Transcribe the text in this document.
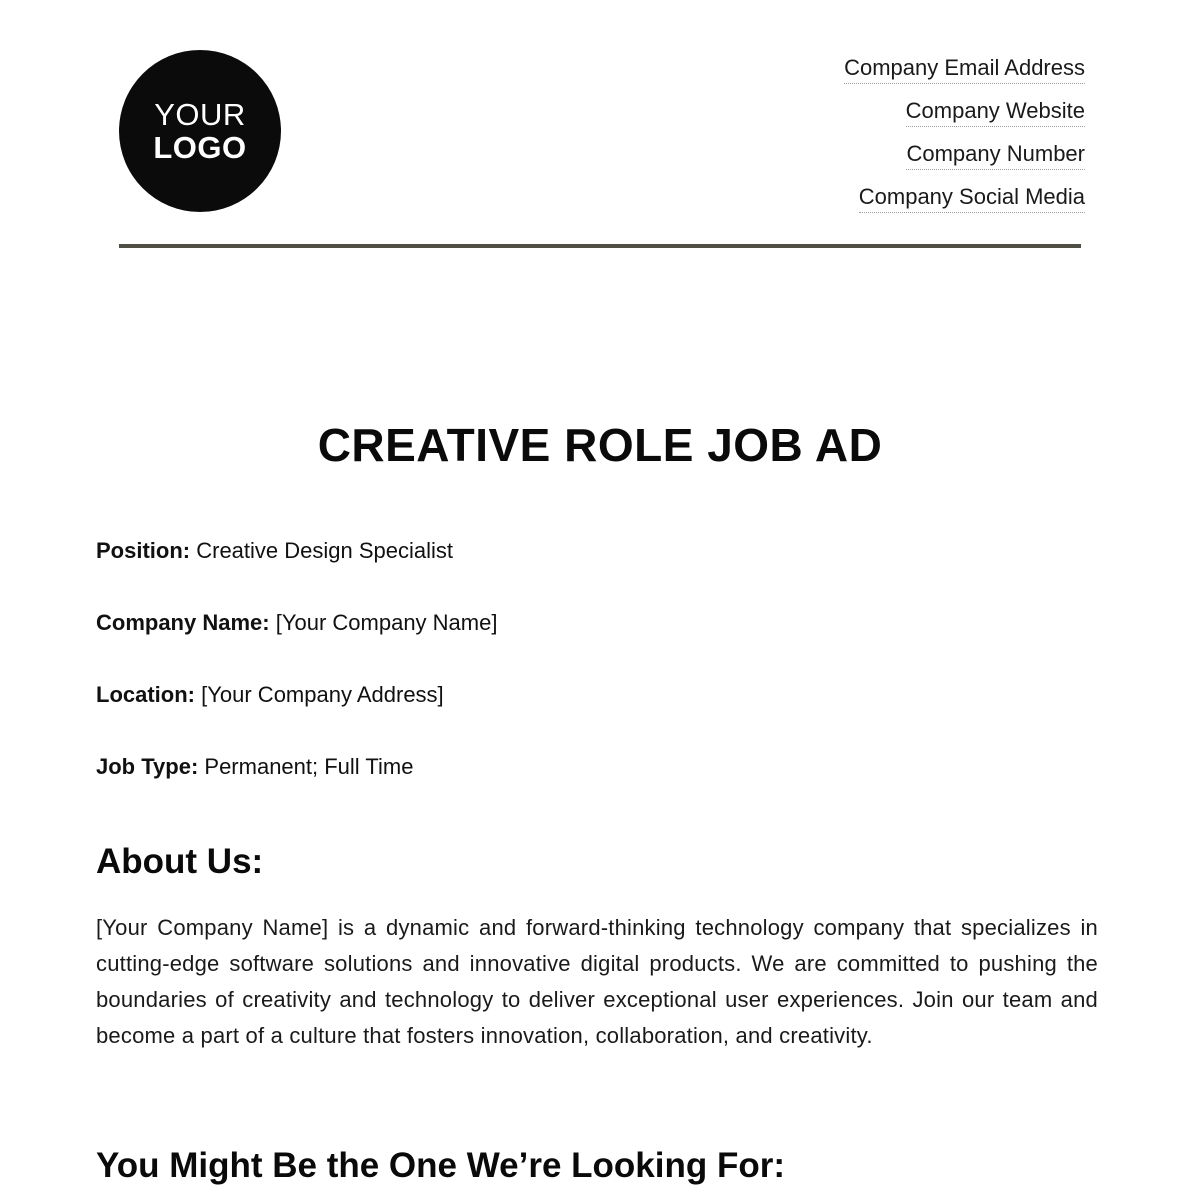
YOUR
LOGO
Company Email Address
Company Website
Company Number
Company Social Media
CREATIVE ROLE JOB AD
Position: Creative Design Specialist
Company Name: [Your Company Name]
Location: [Your Company Address]
Job Type: Permanent; Full Time
About Us:

[Your Company Name] is a dynamic and forward-thinking technology company that specializes in cutting-edge software solutions and innovative digital products. We are committed to pushing the boundaries of creativity and technology to deliver exceptional user experiences. Join our team and become a part of a culture that fosters innovation, collaboration, and creativity.

You Might Be the One We’re Looking For:
